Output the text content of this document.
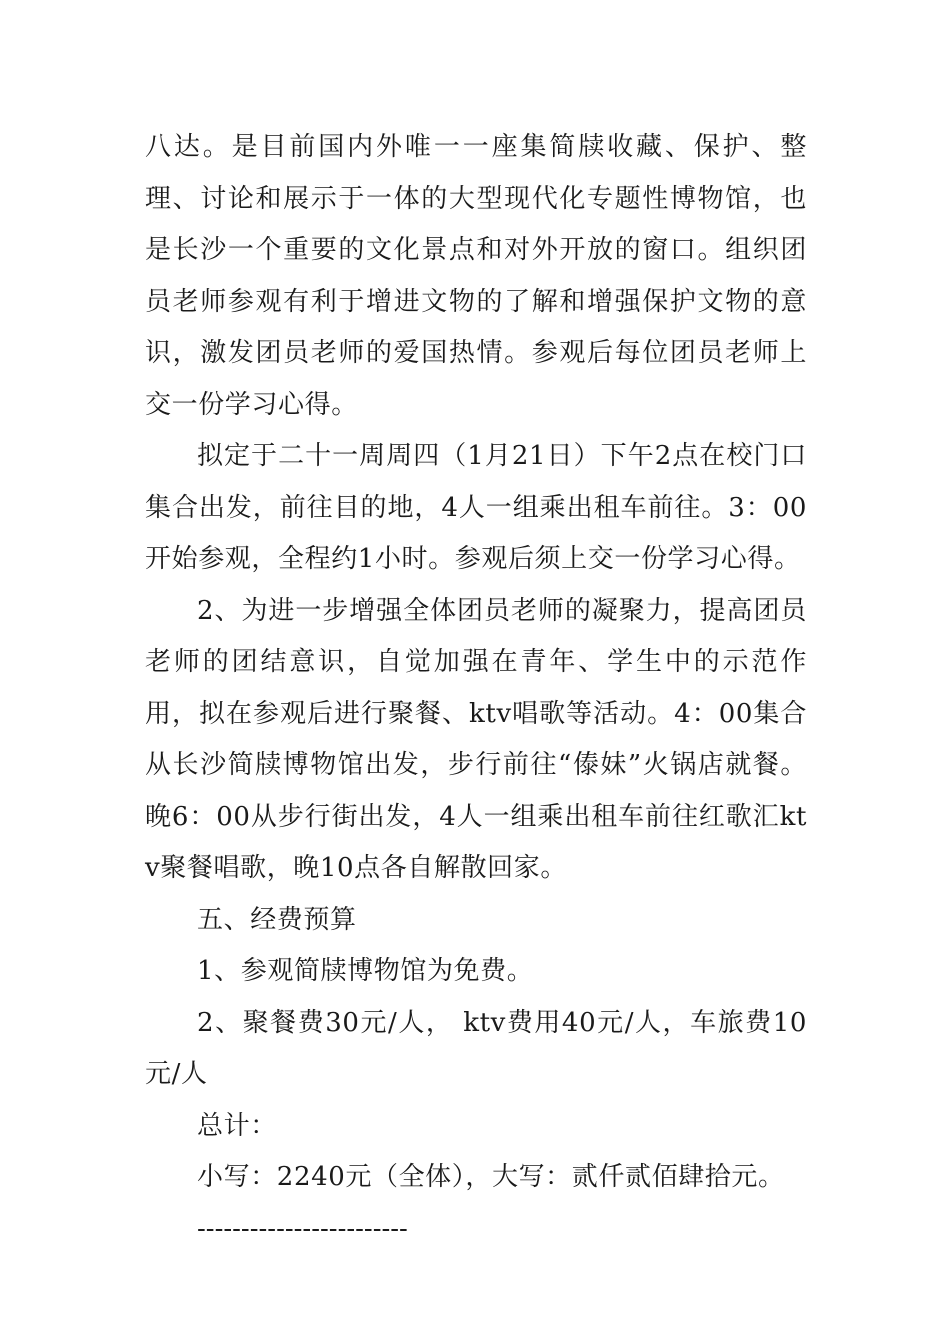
八达。是目前国内外唯一一座集简牍收藏、保护、整理、讨论和展示于一体的大型现代化专题性博物馆，也是长沙一个重要的文化景点和对外开放的窗口。组织团员老师参观有利于增进文物的了解和增强保护文物的意识，激发团员老师的爱国热情。参观后每位团员老师上交一份学习心得。

拟定于二十一周周四（1月21日）下午2点在校门口集合出发，前往目的地，4人一组乘出租车前往。3：00开始参观，全程约1小时。参观后须上交一份学习心得。

2、为进一步增强全体团员老师的凝聚力，提高团员老师的团结意识，自觉加强在青年、学生中的示范作用，拟在参观后进行聚餐、ktv唱歌等活动。4：00集合从长沙简牍博物馆出发，步行前往“傣妹”火锅店就餐。晚6：00从步行街出发，4人一组乘出租车前往红歌汇ktv聚餐唱歌，晚10点各自解散回家。

五、经费预算

1、参观简牍博物馆为免费。

2、聚餐费30元/人， ktv费用40元/人，车旅费10元/人

总计：

小写：2240元（全体），大写：贰仟贰佰肆拾元。

------------------------
